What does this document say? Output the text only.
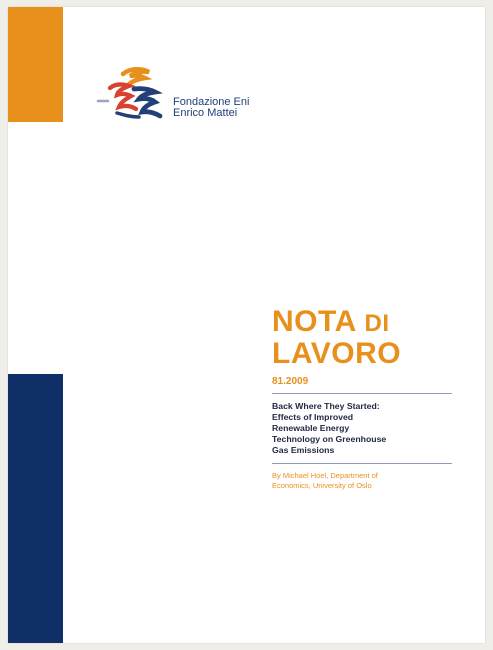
Fondazione Eni
Enrico Mattei
NOTA DI
LAVORO
81.2009
Back Where They Started:
Effects of Improved
Renewable Energy
Technology on Greenhouse
Gas Emissions
By Michael Hoel, Department of
Economics, University of Oslo
